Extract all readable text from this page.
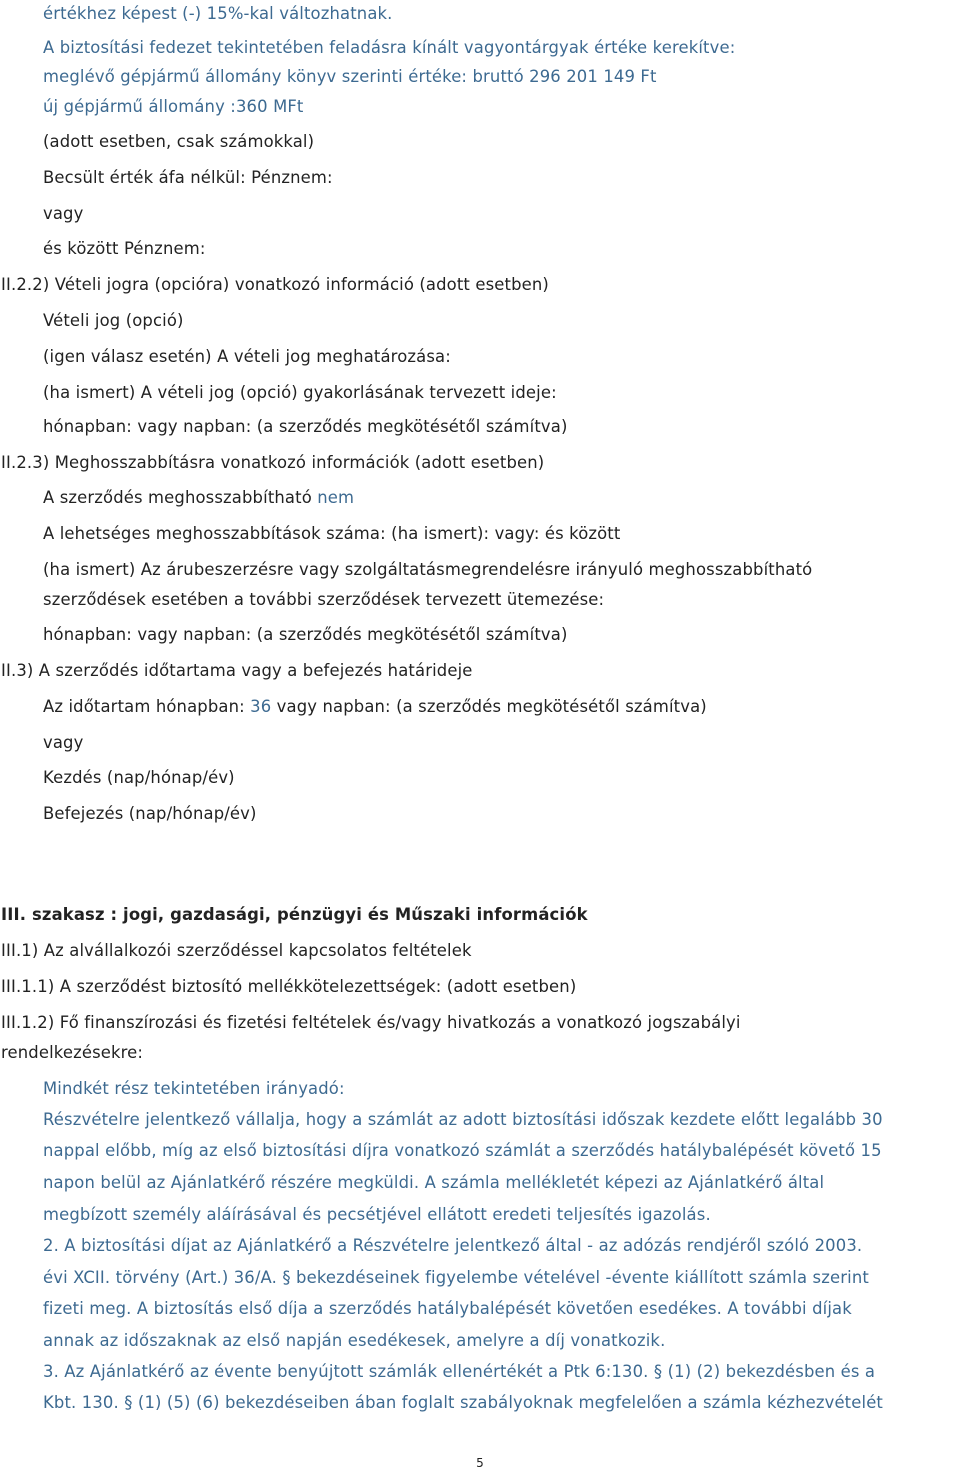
értékhez képest (-) 15%-kal változhatnak.
A biztosítási fedezet tekintetében feladásra kínált vagyontárgyak értéke kerekítve:
meglévő gépjármű állomány könyv szerinti értéke: bruttó 296 201 149 Ft
új gépjármű állomány :360 MFt
(adott esetben, csak számokkal)
Becsült érték áfa nélkül: Pénznem:
vagy
és között Pénznem:
II.2.2) Vételi jogra (opcióra) vonatkozó információ (adott esetben)
Vételi jog (opció)
(igen válasz esetén) A vételi jog meghatározása:
(ha ismert) A vételi jog (opció) gyakorlásának tervezett ideje:
hónapban: vagy napban: (a szerződés megkötésétől számítva)
II.2.3) Meghosszabbításra vonatkozó információk (adott esetben)
A szerződés meghosszabbítható nem
A lehetséges meghosszabbítások száma: (ha ismert): vagy: és között
(ha ismert) Az árubeszerzésre vagy szolgáltatásmegrendelésre irányuló meghosszabbítható
szerződések esetében a további szerződések tervezett ütemezése:
hónapban: vagy napban: (a szerződés megkötésétől számítva)
II.3) A szerződés időtartama vagy a befejezés határideje
Az időtartam hónapban: 36 vagy napban: (a szerződés megkötésétől számítva)
vagy
Kezdés (nap/hónap/év)
Befejezés (nap/hónap/év)
III. szakasz : jogi, gazdasági, pénzügyi és Műszaki információk
III.1) Az alvállalkozói szerződéssel kapcsolatos feltételek
III.1.1) A szerződést biztosító mellékkötelezettségek: (adott esetben)
III.1.2) Fő finanszírozási és fizetési feltételek és/vagy hivatkozás a vonatkozó jogszabályi
rendelkezésekre:
Mindkét rész tekintetében irányadó:
Részvételre jelentkező vállalja, hogy a számlát az adott biztosítási időszak kezdete előtt legalább 30
nappal előbb, míg az első biztosítási díjra vonatkozó számlát a szerződés hatálybalépését követő 15
napon belül az Ajánlatkérő részére megküldi. A számla mellékletét képezi az Ajánlatkérő által
megbízott személy aláírásával és pecsétjével ellátott eredeti teljesítés igazolás.
2. A biztosítási díjat az Ajánlatkérő a Részvételre jelentkező által - az adózás rendjéről szóló 2003.
évi XCII. törvény (Art.) 36/A. § bekezdéseinek figyelembe vételével -évente kiállított számla szerint
fizeti meg. A biztosítás első díja a szerződés hatálybalépését követően esedékes. A további díjak
annak az időszaknak az első napján esedékesek, amelyre a díj vonatkozik.
3. Az Ajánlatkérő az évente benyújtott számlák ellenértékét a Ptk 6:130. § (1) (2) bekezdésben és a
Kbt. 130. § (1) (5) (6) bekezdéseiben ában foglalt szabályoknak megfelelően a számla kézhezvételét
5
